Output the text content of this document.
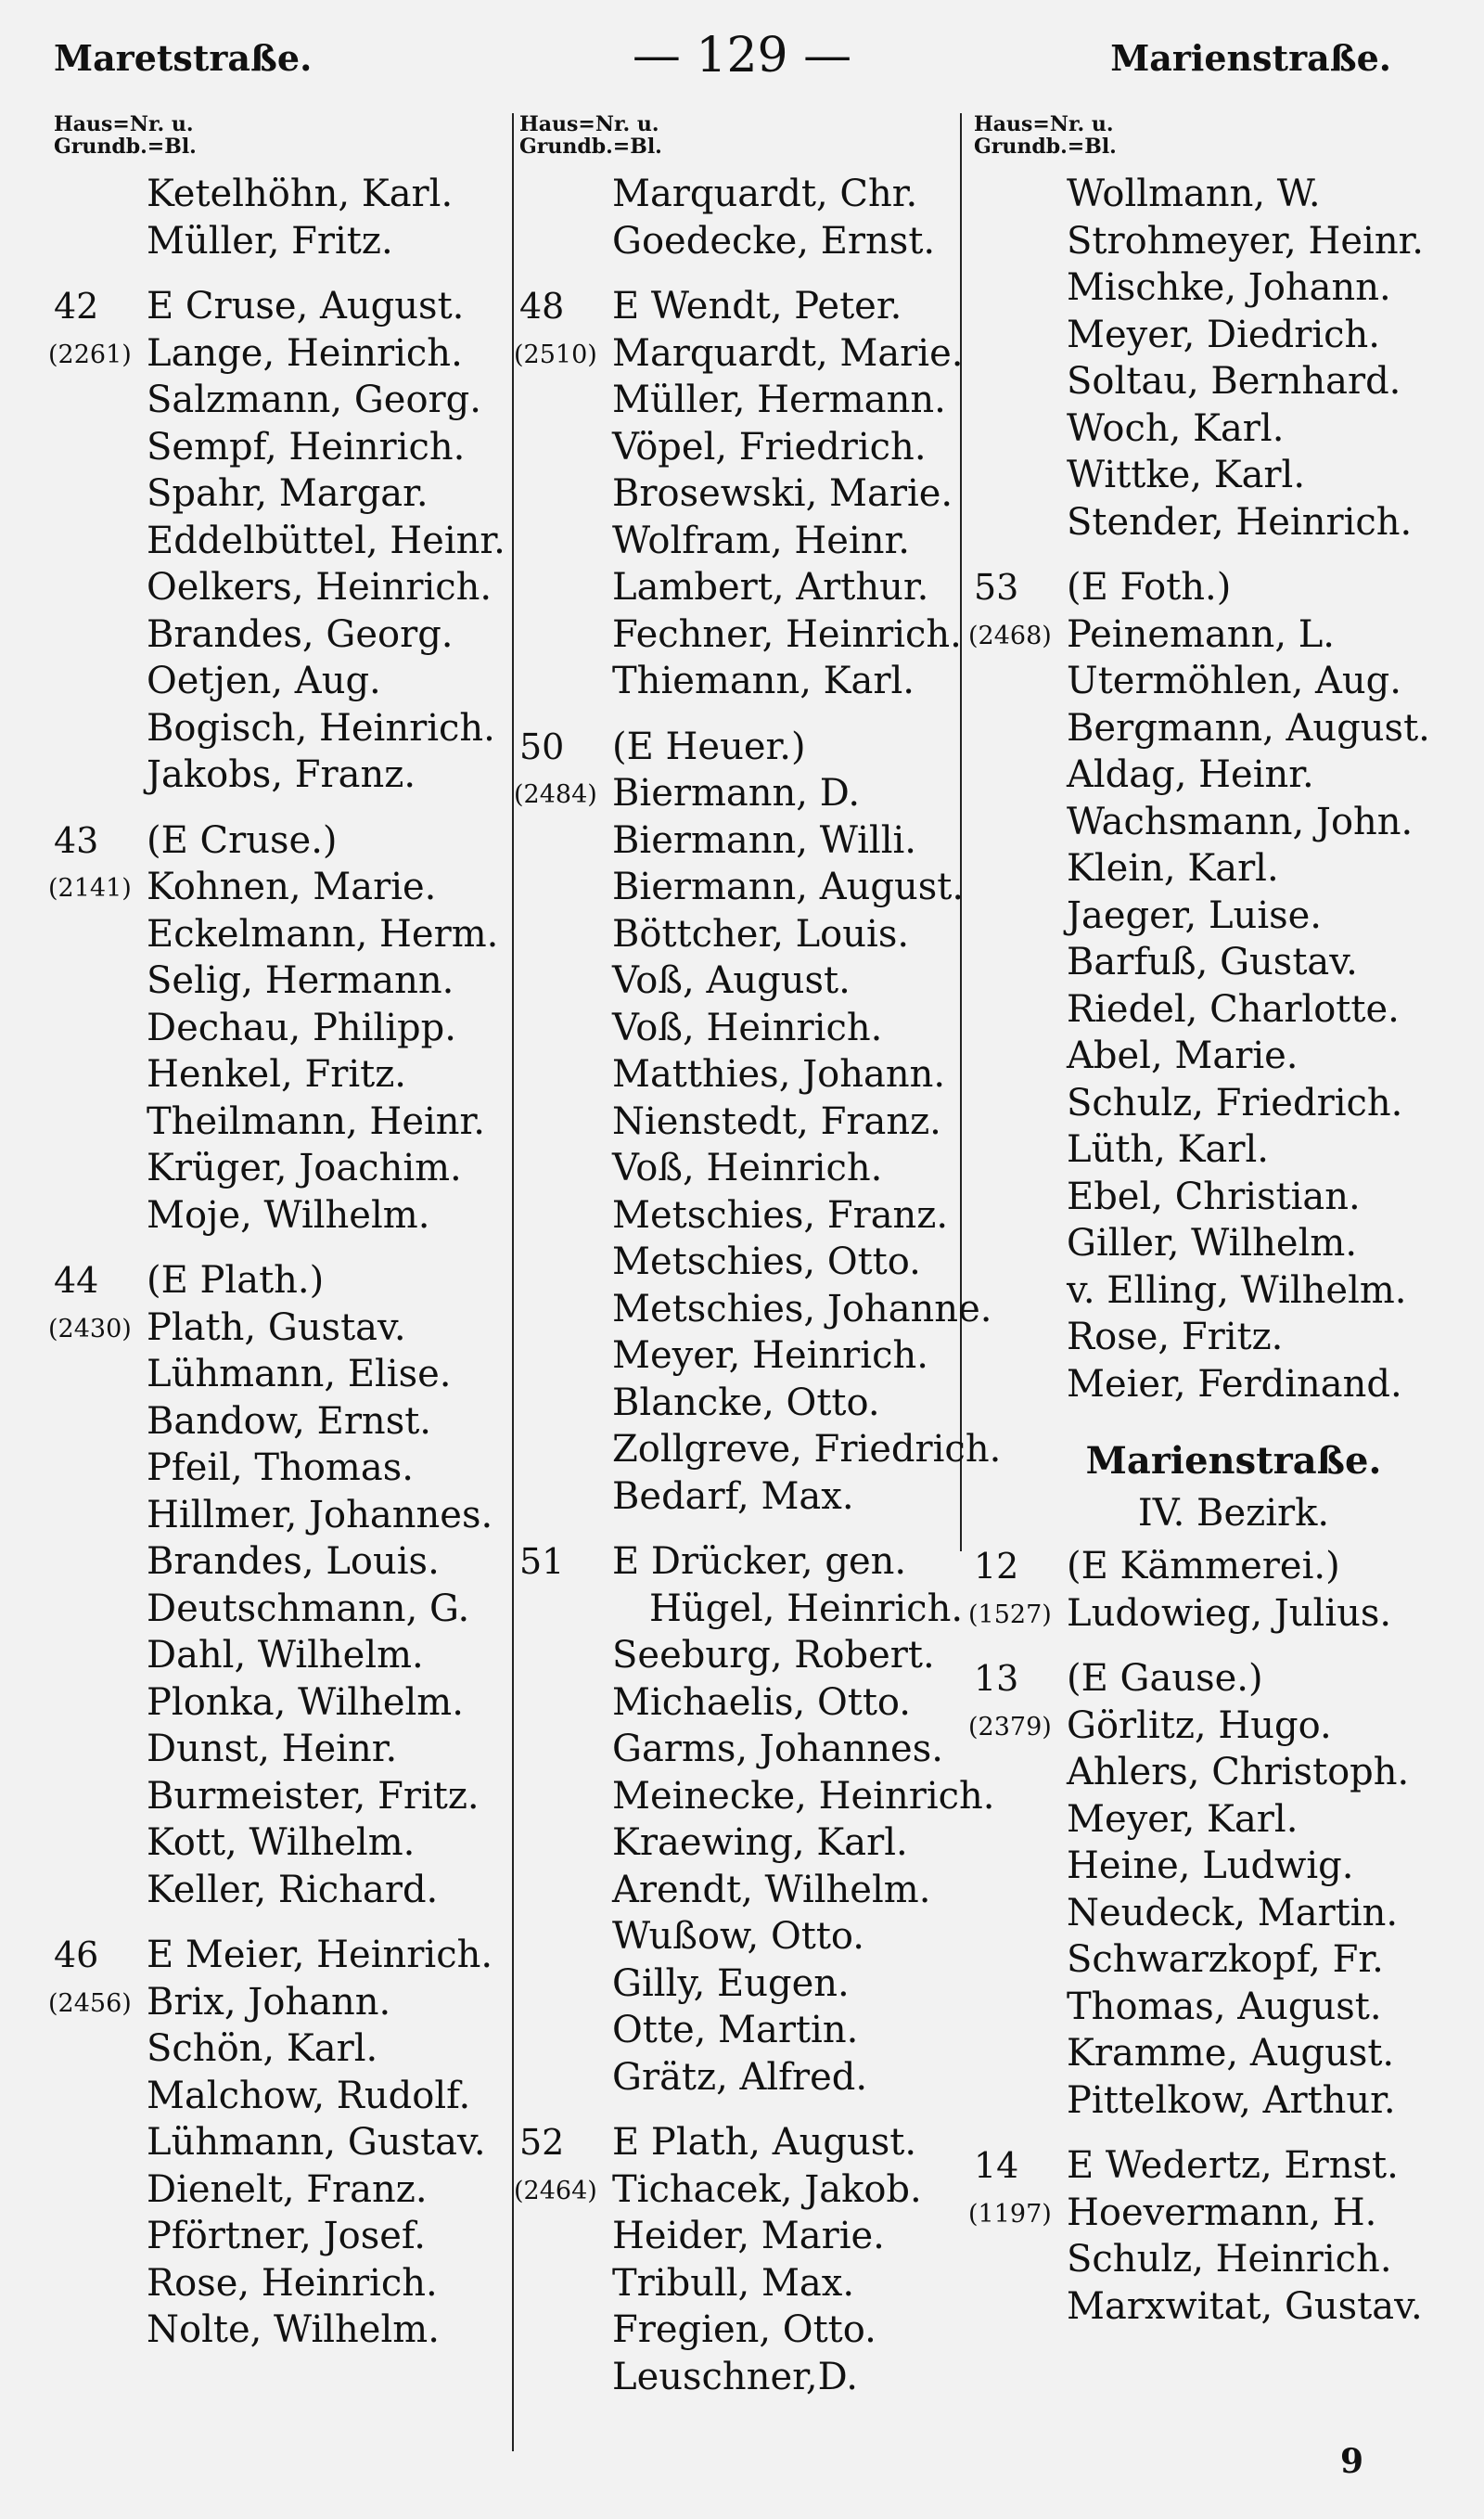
Maretstraße.	— 129 —	Marienstraße.
Haus=Nr. u.
Grundb.=Bl.
Ketelhöhn, Karl.
Müller, Fritz.
42 E Cruse, August.
(2261) Lange, Heinrich.
Salzmann, Georg.
Sempf, Heinrich.
Spahr, Margar.
Eddelbüttel, Heinr.
Oelkers, Heinrich.
Brandes, Georg.
Oetjen, Aug.
Bogisch, Heinrich.
Jakobs, Franz.
43 (E Cruse.)
(2141) Kohnen, Marie.
Eckelmann, Herm.
Selig, Hermann.
Dechau, Philipp.
Henkel, Fritz.
Theilmann, Heinr.
Krüger, Joachim.
Moje, Wilhelm.
44 (E Plath.)
(2430) Plath, Gustav.
Lühmann, Elise.
Bandow, Ernst.
Pfeil, Thomas.
Hillmer, Johannes.
Brandes, Louis.
Deutschmann, G.
Dahl, Wilhelm.
Plonka, Wilhelm.
Dunst, Heinr.
Burmeister, Fritz.
Kott, Wilhelm.
Keller, Richard.
46 E Meier, Heinrich.
(2456) Brix, Johann.
Schön, Karl.
Malchow, Rudolf.
Lühmann, Gustav.
Dienelt, Franz.
Pförtner, Josef.
Rose, Heinrich.
Nolte, Wilhelm.
Haus=Nr. u.
Grundb.=Bl.
Marquardt, Chr.
Goedecke, Ernst.
48 E Wendt, Peter.
(2510) Marquardt, Marie.
Müller, Hermann.
Vöpel, Friedrich.
Brosewski, Marie.
Wolfram, Heinr.
Lambert, Arthur.
Fechner, Heinrich.
Thiemann, Karl.
50 (E Heuer.)
(2484) Biermann, D.
Biermann, Willi.
Biermann, August.
Böttcher, Louis.
Voß, August.
Voß, Heinrich.
Matthies, Johann.
Nienstedt, Franz.
Voß, Heinrich.
Metschies, Franz.
Metschies, Otto.
Metschies, Johanne.
Meyer, Heinrich.
Blancke, Otto.
Zollgreve, Friedrich.
Bedarf, Max.
51 E Drücker, gen.
Hügel, Heinrich.
Seeburg, Robert.
Michaelis, Otto.
Garms, Johannes.
Meinecke, Heinrich.
Kraewing, Karl.
Arendt, Wilhelm.
Wußow, Otto.
Gilly, Eugen.
Otte, Martin.
Grätz, Alfred.
52 E Plath, August.
(2464) Tichacek, Jakob.
Heider, Marie.
Tribull, Max.
Fregien, Otto.
Leuschner,D.
Haus=Nr. u.
Grundb.=Bl.
Wollmann, W.
Strohmeyer, Heinr.
Mischke, Johann.
Meyer, Diedrich.
Soltau, Bernhard.
Woch, Karl.
Wittke, Karl.
Stender, Heinrich.
53 (E Foth.)
(2468) Peinemann, L.
Utermöhlen, Aug.
Bergmann, August.
Aldag, Heinr.
Wachsmann, John.
Klein, Karl.
Jaeger, Luise.
Barfuß, Gustav.
Riedel, Charlotte.
Abel, Marie.
Schulz, Friedrich.
Lüth, Karl.
Ebel, Christian.
Giller, Wilhelm.
v. Elling, Wilhelm.
Rose, Fritz.
Meier, Ferdinand.
Marienstraße.
IV. Bezirk.
12 (E Kämmerei.)
(1527) Ludowieg, Julius.
13 (E Gause.)
(2379) Görlitz, Hugo.
Ahlers, Christoph.
Meyer, Karl.
Heine, Ludwig.
Neudeck, Martin.
Schwarzkopf, Fr.
Thomas, August.
Kramme, August.
Pittelkow, Arthur.
14 E Wedertz, Ernst.
(1197) Hoevermann, H.
Schulz, Heinrich.
Marxwitat, Gustav.
9
